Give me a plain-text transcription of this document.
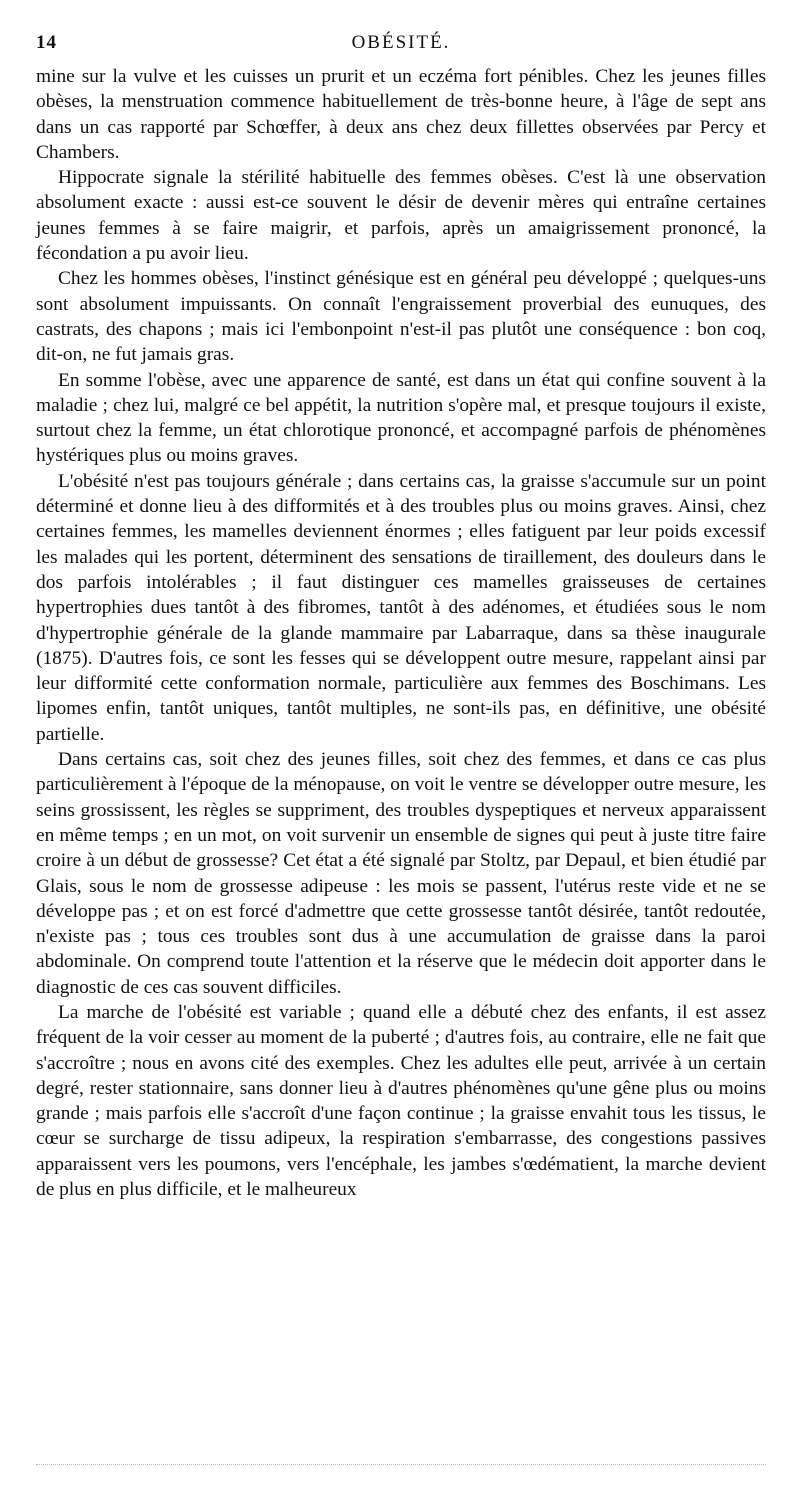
14	OBÉSITÉ.

mine sur la vulve et les cuisses un prurit et un eczéma fort pénibles. Chez les jeunes filles obèses, la menstruation commence habituellement de très-bonne heure, à l'âge de sept ans dans un cas rapporté par Schœffer, à deux ans chez deux fillettes observées par Percy et Chambers.

Hippocrate signale la stérilité habituelle des femmes obèses. C'est là une observation absolument exacte : aussi est-ce souvent le désir de devenir mères qui entraîne certaines jeunes femmes à se faire maigrir, et parfois, après un amaigrissement prononcé, la fécondation a pu avoir lieu.

Chez les hommes obèses, l'instinct génésique est en général peu développé ; quelques-uns sont absolument impuissants. On connaît l'engraissement proverbial des eunuques, des castrats, des chapons ; mais ici l'embonpoint n'est-il pas plutôt une conséquence : bon coq, dit-on, ne fut jamais gras.

En somme l'obèse, avec une apparence de santé, est dans un état qui confine souvent à la maladie ; chez lui, malgré ce bel appétit, la nutrition s'opère mal, et presque toujours il existe, surtout chez la femme, un état chlorotique prononcé, et accompagné parfois de phénomènes hystériques plus ou moins graves.

L'obésité n'est pas toujours générale ; dans certains cas, la graisse s'accumule sur un point déterminé et donne lieu à des difformités et à des troubles plus ou moins graves. Ainsi, chez certaines femmes, les mamelles deviennent énormes ; elles fatiguent par leur poids excessif les malades qui les portent, déterminent des sensations de tiraillement, des douleurs dans le dos parfois intolérables ; il faut distinguer ces mamelles graisseuses de certaines hypertrophies dues tantôt à des fibromes, tantôt à des adénomes, et étudiées sous le nom d'hypertrophie générale de la glande mammaire par Labarraque, dans sa thèse inaugurale (1875). D'autres fois, ce sont les fesses qui se développent outre mesure, rappelant ainsi par leur difformité cette conformation normale, particulière aux femmes des Boschimans. Les lipomes enfin, tantôt uniques, tantôt multiples, ne sont-ils pas, en définitive, une obésité partielle.

Dans certains cas, soit chez des jeunes filles, soit chez des femmes, et dans ce cas plus particulièrement à l'époque de la ménopause, on voit le ventre se développer outre mesure, les seins grossissent, les règles se suppriment, des troubles dyspeptiques et nerveux apparaissent en même temps ; en un mot, on voit survenir un ensemble de signes qui peut à juste titre faire croire à un début de grossesse? Cet état a été signalé par Stoltz, par Depaul, et bien étudié par Glais, sous le nom de grossesse adipeuse : les mois se passent, l'utérus reste vide et ne se développe pas ; et on est forcé d'admettre que cette grossesse tantôt désirée, tantôt redoutée, n'existe pas ; tous ces troubles sont dus à une accumulation de graisse dans la paroi abdominale. On comprend toute l'attention et la réserve que le médecin doit apporter dans le diagnostic de ces cas souvent difficiles.

La marche de l'obésité est variable ; quand elle a débuté chez des enfants, il est assez fréquent de la voir cesser au moment de la puberté ; d'autres fois, au contraire, elle ne fait que s'accroître ; nous en avons cité des exemples. Chez les adultes elle peut, arrivée à un certain degré, rester stationnaire, sans donner lieu à d'autres phénomènes qu'une gêne plus ou moins grande ; mais parfois elle s'accroît d'une façon continue ; la graisse envahit tous les tissus, le cœur se surcharge de tissu adipeux, la respiration s'embarrasse, des congestions passives apparaissent vers les poumons, vers l'encéphale, les jambes s'œdématient, la marche devient de plus en plus difficile, et le malheureux
